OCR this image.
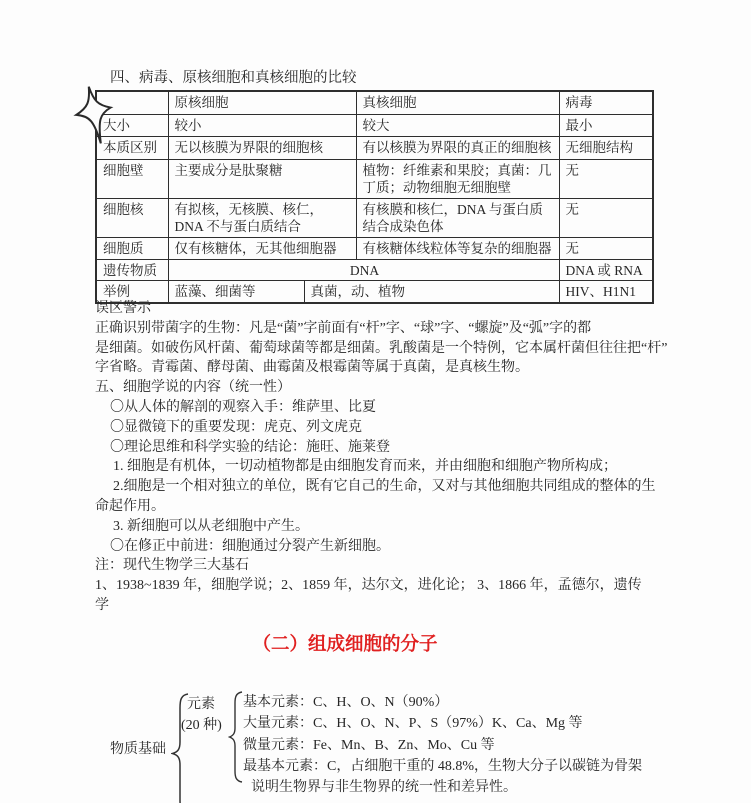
四、病毒、原核细胞和真核细胞的比较
	原核细胞		真核细胞	病毒
大小	较小		较大	最小
本质区别	无以核膜为界限的细胞核		有以核膜为界限的真正的细胞核	无细胞结构
细胞壁	主要成分是肽聚糖		植物：纤维素和果胶；真菌：几丁质；动物细胞无细胞壁	无
细胞核	有拟核，无核膜、核仁，DNA 不与蛋白质结合		有核膜和核仁，DNA 与蛋白质结合成染色体	无
细胞质	仅有核糖体，无其他细胞器		有核糖体线粒体等复杂的细胞器	无
遗传物质	DNA			DNA 或 RNA
举例	蓝藻、细菌等	真菌，动、植物		HIV、H1N1
误区警示
正确识别带菌字的生物：凡是“菌”字前面有“杆”字、“球”字、“螺旋”及“弧”字的都
是细菌。如破伤风杆菌、葡萄球菌等都是细菌。乳酸菌是一个特例，它本属杆菌但往往把“杆”
字省略。青霉菌、酵母菌、曲霉菌及根霉菌等属于真菌，是真核生物。
五、细胞学说的内容（统一性）
〇从人体的解剖的观察入手：维萨里、比夏
〇显微镜下的重要发现：虎克、列文虎克
〇理论思维和科学实验的结论：施旺、施莱登
1. 细胞是有机体，一切动植物都是由细胞发育而来，并由细胞和细胞产物所构成；
2.细胞是一个相对独立的单位，既有它自己的生命，又对与其他细胞共同组成的整体的生
命起作用。
3. 新细胞可以从老细胞中产生。
〇在修正中前进：细胞通过分裂产生新细胞。
注：现代生物学三大基石
1、1938~1839 年，细胞学说；2、1859 年，达尔文，进化论； 3、1866 年，孟德尔，遗传
学
（二）组成细胞的分子
物质基础
元素
(20 种)
基本元素：C、H、O、N（90%）
大量元素：C、H、O、N、P、S（97%）K、Ca、Mg 等
微量元素：Fe、Mn、B、Zn、Mo、Cu 等
最基本元素：C，占细胞干重的 48.8%，生物大分子以碳链为骨架
说明生物界与非生物界的统一性和差异性。
